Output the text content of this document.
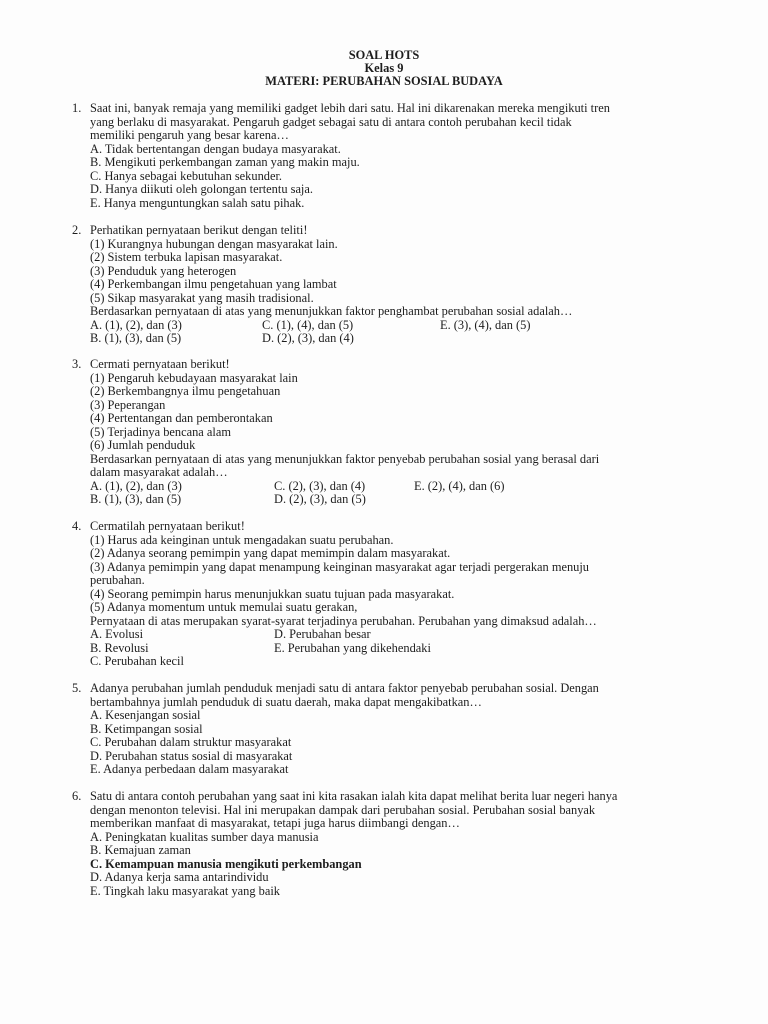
SOAL HOTS
Kelas 9
MATERI: PERUBAHAN SOSIAL BUDAYA
1. Saat ini, banyak remaja yang memiliki gadget lebih dari satu. Hal ini dikarenakan mereka mengikuti tren
yang berlaku di masyarakat. Pengaruh gadget sebagai satu di antara contoh perubahan kecil tidak
memiliki pengaruh yang besar karena…
A. Tidak bertentangan dengan budaya masyarakat.
B. Mengikuti perkembangan zaman yang makin maju.
C. Hanya sebagai kebutuhan sekunder.
D. Hanya diikuti oleh golongan tertentu saja.
E. Hanya menguntungkan salah satu pihak.
2. Perhatikan pernyataan berikut dengan teliti!
(1) Kurangnya hubungan dengan masyarakat lain.
(2) Sistem terbuka lapisan masyarakat.
(3) Penduduk yang heterogen
(4) Perkembangan ilmu pengetahuan yang lambat
(5) Sikap masyarakat yang masih tradisional.
Berdasarkan pernyataan di atas yang menunjukkan faktor penghambat perubahan sosial adalah…
A. (1), (2), dan (3)	C. (1), (4), dan (5)	E. (3), (4), dan (5)
B. (1), (3), dan (5)	D. (2), (3), dan (4)
3. Cermati pernyataan berikut!
(1) Pengaruh kebudayaan masyarakat lain
(2) Berkembangnya ilmu pengetahuan
(3) Peperangan
(4) Pertentangan dan pemberontakan
(5) Terjadinya bencana alam
(6) Jumlah penduduk
Berdasarkan pernyataan di atas yang menunjukkan faktor penyebab perubahan sosial yang berasal dari
dalam masyarakat adalah…
A. (1), (2), dan (3)	C. (2), (3), dan (4)	E. (2), (4), dan (6)
B. (1), (3), dan (5)	D. (2), (3), dan (5)
4. Cermatilah pernyataan berikut!
(1) Harus ada keinginan untuk mengadakan suatu perubahan.
(2) Adanya seorang pemimpin yang dapat memimpin dalam masyarakat.
(3) Adanya pemimpin yang dapat menampung keinginan masyarakat agar terjadi pergerakan menuju
perubahan.
(4) Seorang pemimpin harus menunjukkan suatu tujuan pada masyarakat.
(5) Adanya momentum untuk memulai suatu gerakan,
Pernyataan di atas merupakan syarat-syarat terjadinya perubahan. Perubahan yang dimaksud adalah…
A. Evolusi	D. Perubahan besar
B. Revolusi	E. Perubahan yang dikehendaki
C. Perubahan kecil
5. Adanya perubahan jumlah penduduk menjadi satu di antara faktor penyebab perubahan sosial. Dengan
bertambahnya jumlah penduduk di suatu daerah, maka dapat mengakibatkan…
A. Kesenjangan sosial
B. Ketimpangan sosial
C. Perubahan dalam struktur masyarakat
D. Perubahan status sosial di masyarakat
E. Adanya perbedaan dalam masyarakat
6. Satu di antara contoh perubahan yang saat ini kita rasakan ialah kita dapat melihat berita luar negeri hanya
dengan menonton televisi. Hal ini merupakan dampak dari perubahan sosial. Perubahan sosial banyak
memberikan manfaat di masyarakat, tetapi juga harus diimbangi dengan…
A. Peningkatan kualitas sumber daya manusia
B. Kemajuan zaman
C. Kemampuan manusia mengikuti perkembangan
D. Adanya kerja sama antarindividu
E. Tingkah laku masyarakat yang baik
